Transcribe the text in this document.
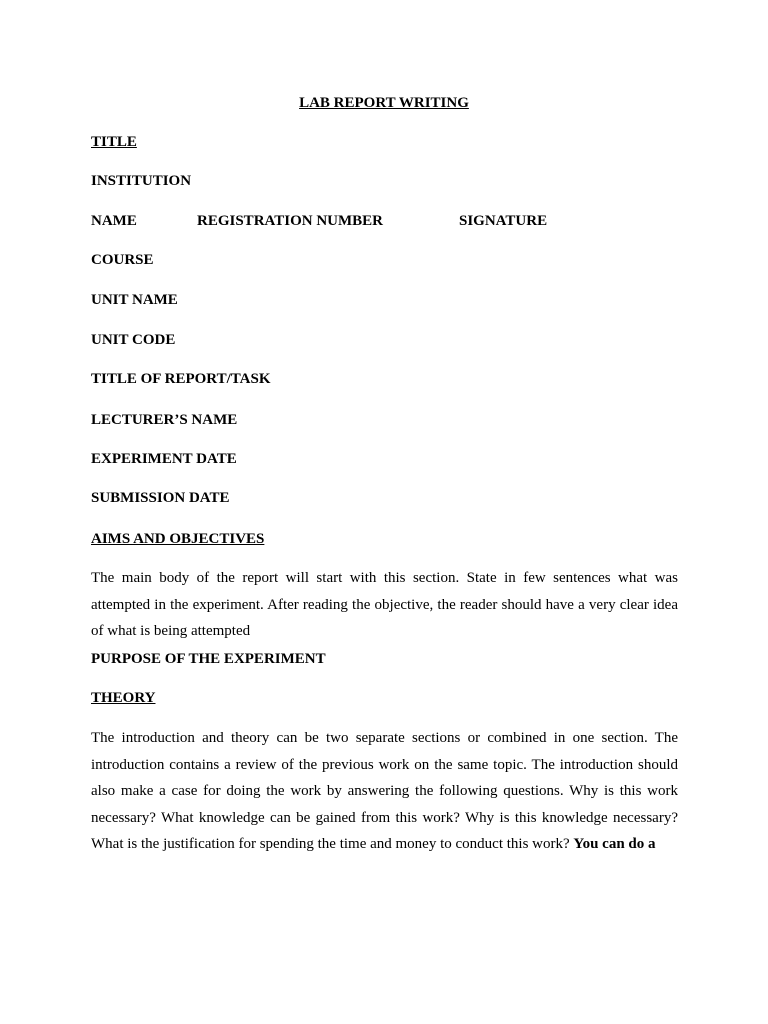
LAB REPORT WRITING
TITLE
INSTITUTION
NAME	REGISTRATION NUMBER	SIGNATURE
COURSE
UNIT NAME
UNIT CODE
TITLE OF REPORT/TASK
LECTURER’S NAME
EXPERIMENT DATE
SUBMISSION DATE
AIMS AND OBJECTIVES
The main body of the report will start with this section. State in few sentences what was attempted in the experiment. After reading the objective, the reader should have a very clear idea of what is being attempted
PURPOSE OF THE EXPERIMENT
THEORY
The introduction and theory can be two separate sections or combined in one section. The introduction contains a review of the previous work on the same topic. The introduction should also make a case for doing the work by answering the following questions. Why is this work necessary? What knowledge can be gained from this work? Why is this knowledge necessary? What is the justification for spending the time and money to conduct this work? You can do a
